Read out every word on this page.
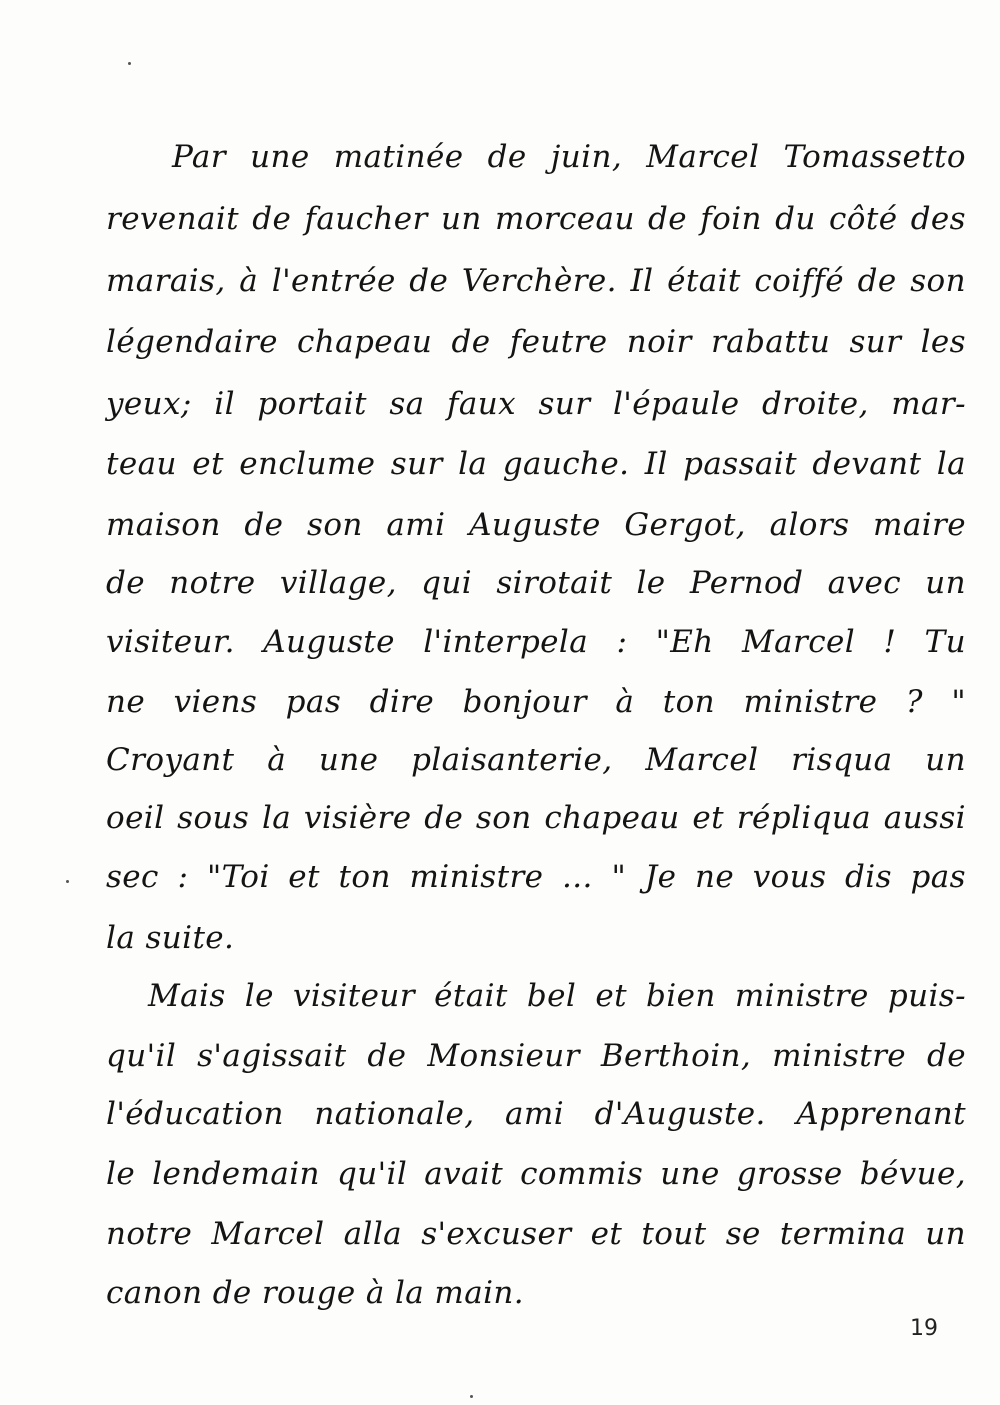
Par une matinée de juin, Marcel Tomassetto
revenait de faucher un morceau de foin du côté des
marais, à l'entrée de Verchère. Il était coiffé de son
légendaire chapeau de feutre noir rabattu sur les
yeux; il portait sa faux sur l'épaule droite, mar-
teau et enclume sur la gauche. Il passait devant la
maison de son ami Auguste Gergot, alors maire
de notre village, qui sirotait le Pernod avec un
visiteur. Auguste l'interpela : "Eh Marcel ! Tu
ne viens pas dire bonjour à ton ministre ? "
Croyant à une plaisanterie, Marcel risqua un
oeil sous la visière de son chapeau et répliqua aussi
sec : "Toi et ton ministre ... " Je ne vous dis pas
la suite.
Mais le visiteur était bel et bien ministre puis-
qu'il s'agissait de Monsieur Berthoin, ministre de
l'éducation nationale, ami d'Auguste. Apprenant
le lendemain qu'il avait commis une grosse bévue,
notre Marcel alla s'excuser et tout se termina un
canon de rouge à la main.
19
